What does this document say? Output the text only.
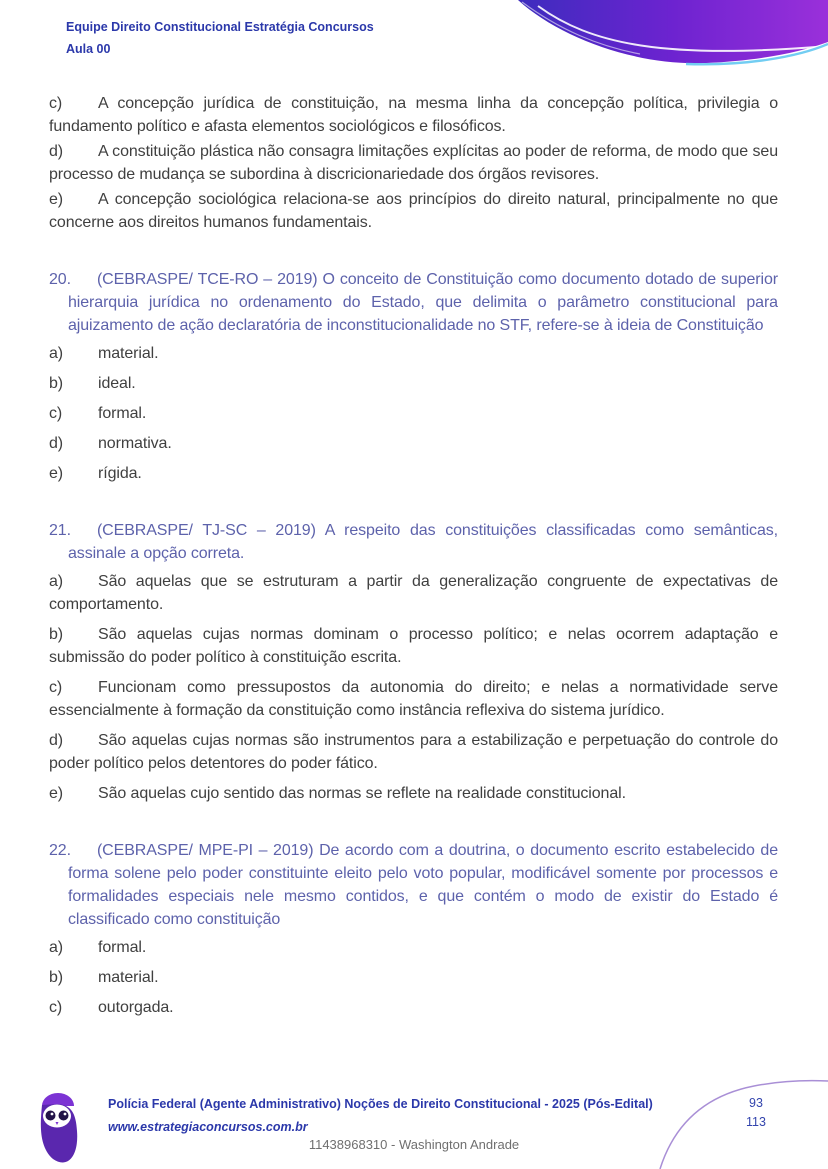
Equipe Direito Constitucional Estratégia Concursos
Aula 00

c) A concepção jurídica de constituição, na mesma linha da concepção política, privilegia o fundamento político e afasta elementos sociológicos e filosóficos.

d) A constituição plástica não consagra limitações explícitas ao poder de reforma, de modo que seu processo de mudança se subordina à discricionariedade dos órgãos revisores.

e) A concepção sociológica relaciona-se aos princípios do direito natural, principalmente no que concerne aos direitos humanos fundamentais.

20. (CEBRASPE/ TCE-RO – 2019) O conceito de Constituição como documento dotado de superior hierarquia jurídica no ordenamento do Estado, que delimita o parâmetro constitucional para ajuizamento de ação declaratória de inconstitucionalidade no STF, refere-se à ideia de Constituição

a) material.

b) ideal.

c) formal.

d) normativa.

e) rígida.

21. (CEBRASPE/ TJ-SC – 2019) A respeito das constituições classificadas como semânticas, assinale a opção correta.

a) São aquelas que se estruturam a partir da generalização congruente de expectativas de comportamento.

b) São aquelas cujas normas dominam o processo político; e nelas ocorrem adaptação e submissão do poder político à constituição escrita.

c) Funcionam como pressupostos da autonomia do direito; e nelas a normatividade serve essencialmente à formação da constituição como instância reflexiva do sistema jurídico.

d) São aquelas cujas normas são instrumentos para a estabilização e perpetuação do controle do poder político pelos detentores do poder fático.

e) São aquelas cujo sentido das normas se reflete na realidade constitucional.

22. (CEBRASPE/ MPE-PI – 2019) De acordo com a doutrina, o documento escrito estabelecido de forma solene pelo poder constituinte eleito pelo voto popular, modificável somente por processos e formalidades especiais nele mesmo contidos, e que contém o modo de existir do Estado é classificado como constituição

a) formal.

b) material.

c) outorgada.

Polícia Federal (Agente Administrativo) Noções de Direito Constitucional - 2025 (Pós-Edital)
www.estrategiaconcursos.com.br
93
113
11438968310 - Washington Andrade
